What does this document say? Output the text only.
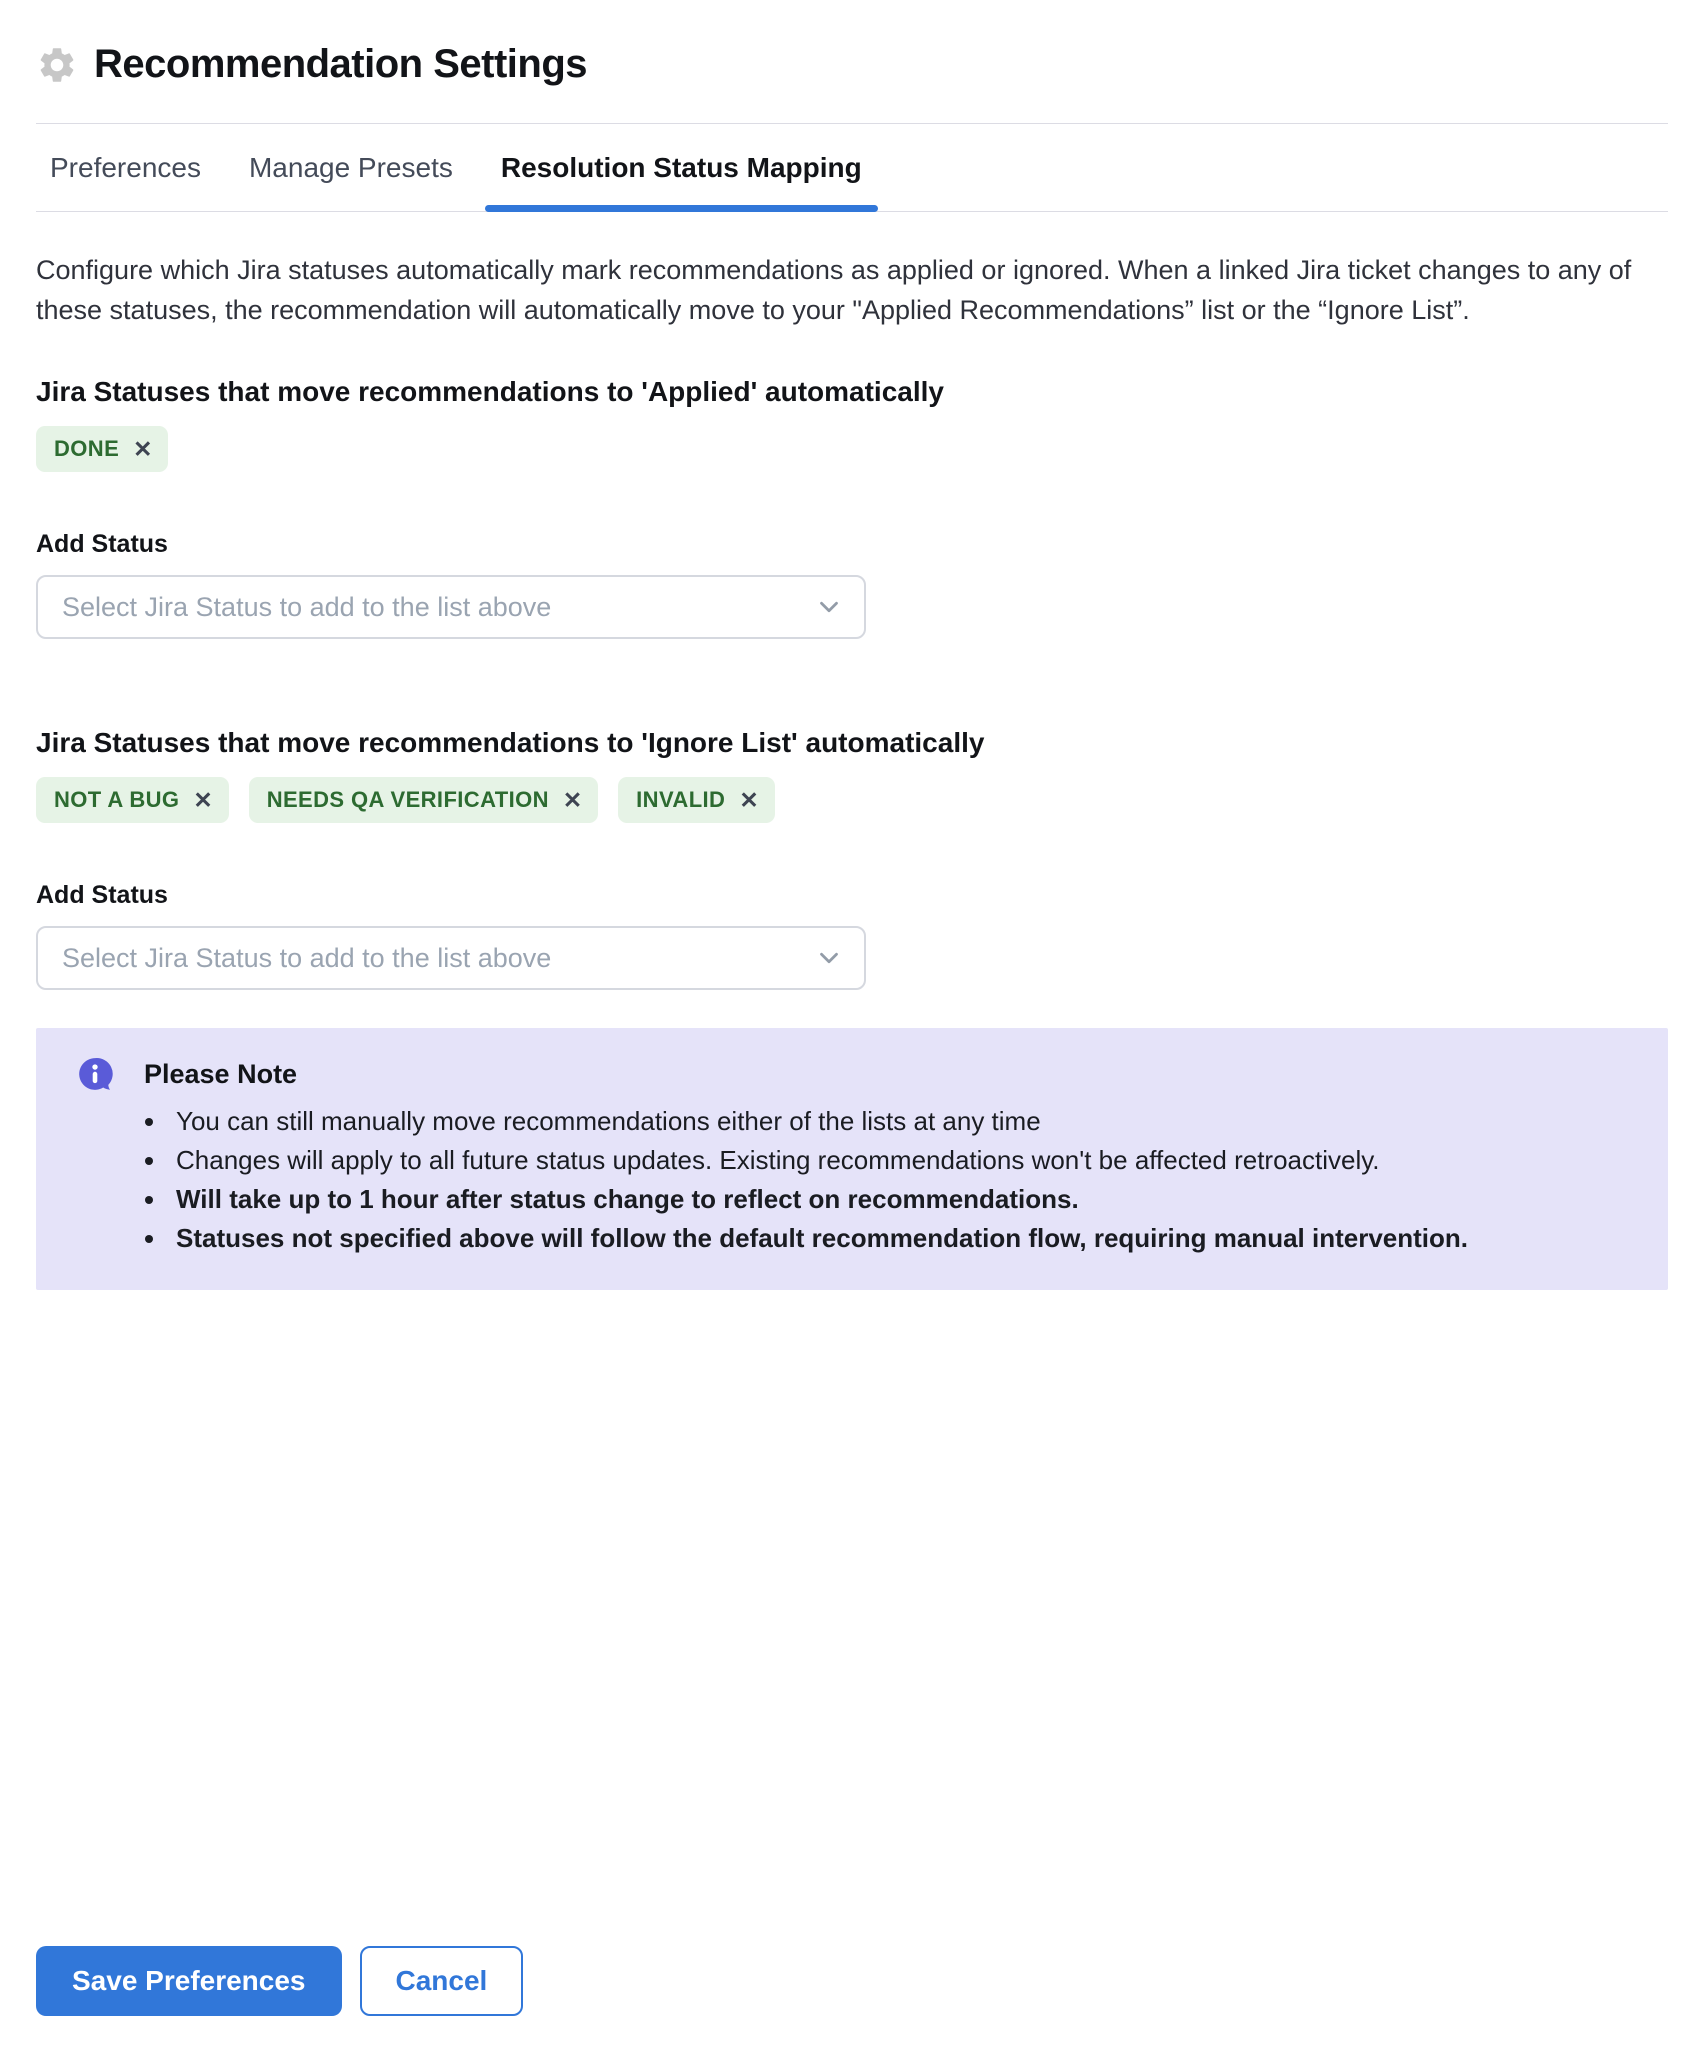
Recommendation Settings
Preferences Manage Presets Resolution Status Mapping

Configure which Jira statuses automatically mark recommendations as applied or ignored. When a linked Jira ticket changes to any of these statuses, the recommendation will automatically move to your "Applied Recommendations” list or the “Ignore List”.

Jira Statuses that move recommendations to 'Applied' automatically
DONE ✕
Add Status
Select Jira Status to add to the list above
Jira Statuses that move recommendations to 'Ignore List' automatically
NOT A BUG ✕ NEEDS QA VERIFICATION ✕ INVALID ✕
Add Status
Select Jira Status to add to the list above
Please Note
• You can still manually move recommendations either of the lists at any time
• Changes will apply to all future status updates. Existing recommendations won't be affected retroactively.
• Will take up to 1 hour after status change to reflect on recommendations.
• Statuses not specified above will follow the default recommendation flow, requiring manual intervention.
Save Preferences	Cancel
